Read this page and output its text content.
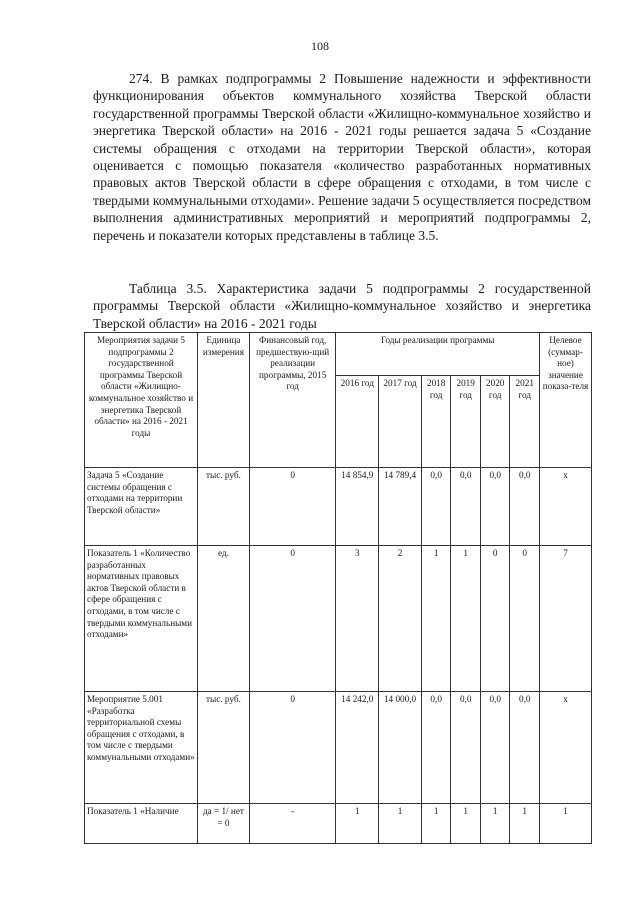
108

274. В рамках подпрограммы 2 Повышение надежности и эффективности функционирования объектов коммунального хозяйства Тверской области государственной программы Тверской области «Жилищно-коммунальное хозяйство и энергетика Тверской области» на 2016 - 2021 годы решается задача 5 «Создание системы обращения с отходами на территории Тверской области», которая оценивается с помощью показателя «количество разработанных нормативных правовых актов Тверской области в сфере обращения с отходами, в том числе с твердыми коммунальными отходами». Решение задачи 5 осуществляется посредством выполнения административных мероприятий и мероприятий подпрограммы 2, перечень и показатели которых представлены в таблице 3.5.

Таблица 3.5. Характеристика задачи 5 подпрограммы 2 государственной программы Тверской области «Жилищно-коммунальное хозяйство и энергетика Тверской области» на 2016 - 2021 годы

Мероприятия задачи 5 подпрограммы 2 государственной программы Тверской области «Жилищно-коммунальное хозяйство и энергетика Тверской области» на 2016 - 2021 годы	Единица измерения	Финансовый год, предшествую-щий реализации программы, 2015 год	Годы реализации программы						Целевое (суммар-ное) значение показа-теля
			2016 год	2017 год	2018 год	2019 год	2020 год	2021 год	
Задача 5 «Создание системы обращения с отходами на территории Тверской области»	тыс. руб.	0	14 854,9	14 789,4	0,0	0,0	0,0	0,0	х
Показатель 1 «Количество разработанных нормативных правовых актов Тверской области в сфере обращения с отходами, в том числе с твердыми коммунальными отходами»	ед.	0	3	2	1	1	0	0	7
Мероприятие 5.001 «Разработка территориальной схемы обращения с отходами, в том числе с твердыми коммунальными отходами»	тыс. руб.	0	14 242,0	14 000,0	0,0	0,0	0,0	0,0	х
Показатель 1 «Наличие	да = 1/ нет = 0	-	1	1	1	1	1	1	1
